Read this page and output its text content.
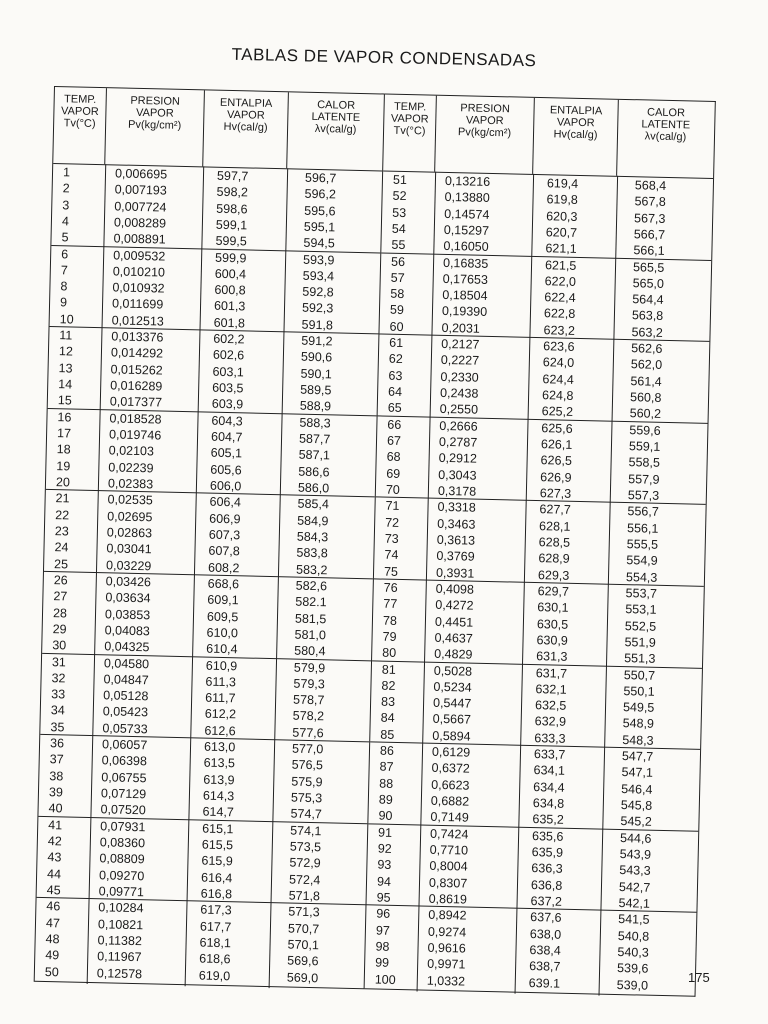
TABLAS DE VAPOR CONDENSADAS
TEMP.
VAPOR
Tv(°C)
PRESION
VAPOR
Pv(kg/cm²)
ENTALPIA
VAPOR
Hv(cal/g)
CALOR
LATENTE
λv(cal/g)
1	0,006695	597,7	596,7
2	0,007193	598,2	596,2
3	0,007724	598,6	595,6
4	0,008289	599,1	595,1
5	0,008891	599,5	594,5
6	0,009532	599,9	593,9
7	0,010210	600,4	593,4
8	0,010932	600,8	592,8
9	0,011699	601,3	592,3
10	0,012513	601,8	591,8
11	0,013376	602,2	591,2
12	0,014292	602,6	590,6
13	0,015262	603,1	590,1
14	0,016289	603,5	589,5
15	0,017377	603,9	588,9
16	0,018528	604,3	588,3
17	0,019746	604,7	587,7
18	0,02103	605,1	587,1
19	0,02239	605,6	586,6
20	0,02383	606,0	586,0
21	0,02535	606,4	585,4
22	0,02695	606,9	584,9
23	0,02863	607,3	584,3
24	0,03041	607,8	583,8
25	0,03229	608,2	583,2
26	0,03426	668,6	582,6
27	0,03634	609,1	582.1
28	0,03853	609,5	581,5
29	0,04083	610,0	581,0
30	0,04325	610,4	580,4
31	0,04580	610,9	579,9
32	0,04847	611,3	579,3
33	0,05128	611,7	578,7
34	0,05423	612,2	578,2
35	0,05733	612,6	577,6
36	0,06057	613,0	577,0
37	0,06398	613,5	576,5
38	0,06755	613,9	575,9
39	0,07129	614,3	575,3
40	0,07520	614,7	574,7
41	0,07931	615,1	574,1
42	0,08360	615,5	573,5
43	0,08809	615,9	572,9
44	0,09270	616,4	572,4
45	0,09771	616,8	571,8
46	0,10284	617,3	571,3
47	0,10821	617,7	570,7
48	0,11382	618,1	570,1
49	0,11967	618,6	569,6
50	0,12578	619,0	569,0
TEMP.
VAPOR
Tv(°C)
PRESION
VAPOR
Pv(kg/cm²)
ENTALPIA
VAPOR
Hv(cal/g)
CALOR
LATENTE
λv(cal/g)
51	0,13216	619,4	568,4
52	0,13880	619,8	567,8
53	0,14574	620,3	567,3
54	0,15297	620,7	566,7
55	0,16050	621,1	566,1
56	0,16835	621,5	565,5
57	0,17653	622,0	565,0
58	0,18504	622,4	564,4
59	0,19390	622,8	563,8
60	0,2031	623,2	563,2
61	0,2127	623,6	562,6
62	0,2227	624,0	562,0
63	0,2330	624,4	561,4
64	0,2438	624,8	560,8
65	0,2550	625,2	560,2
66	0,2666	625,6	559,6
67	0,2787	626,1	559,1
68	0,2912	626,5	558,5
69	0,3043	626,9	557,9
70	0,3178	627,3	557,3
71	0,3318	627,7	556,7
72	0,3463	628,1	556,1
73	0,3613	628,5	555,5
74	0,3769	628,9	554,9
75	0,3931	629,3	554,3
76	0,4098	629,7	553,7
77	0,4272	630,1	553,1
78	0,4451	630,5	552,5
79	0,4637	630,9	551,9
80	0,4829	631,3	551,3
81	0,5028	631,7	550,7
82	0,5234	632,1	550,1
83	0,5447	632,5	549,5
84	0,5667	632,9	548,9
85	0,5894	633,3	548,3
86	0,6129	633,7	547,7
87	0,6372	634,1	547,1
88	0,6623	634,4	546,4
89	0,6882	634,8	545,8
90	0,7149	635,2	545,2
91	0,7424	635,6	544,6
92	0,7710	635,9	543,9
93	0,8004	636,3	543,3
94	0,8307	636,8	542,7
95	0,8619	637,2	542,1
96	0,8942	637,6	541,5
97	0,9274	638,0	540,8
98	0,9616	638,4	540,3
99	0,9971	638,7	539,6
100	1,0332	639.1	539,0	175
